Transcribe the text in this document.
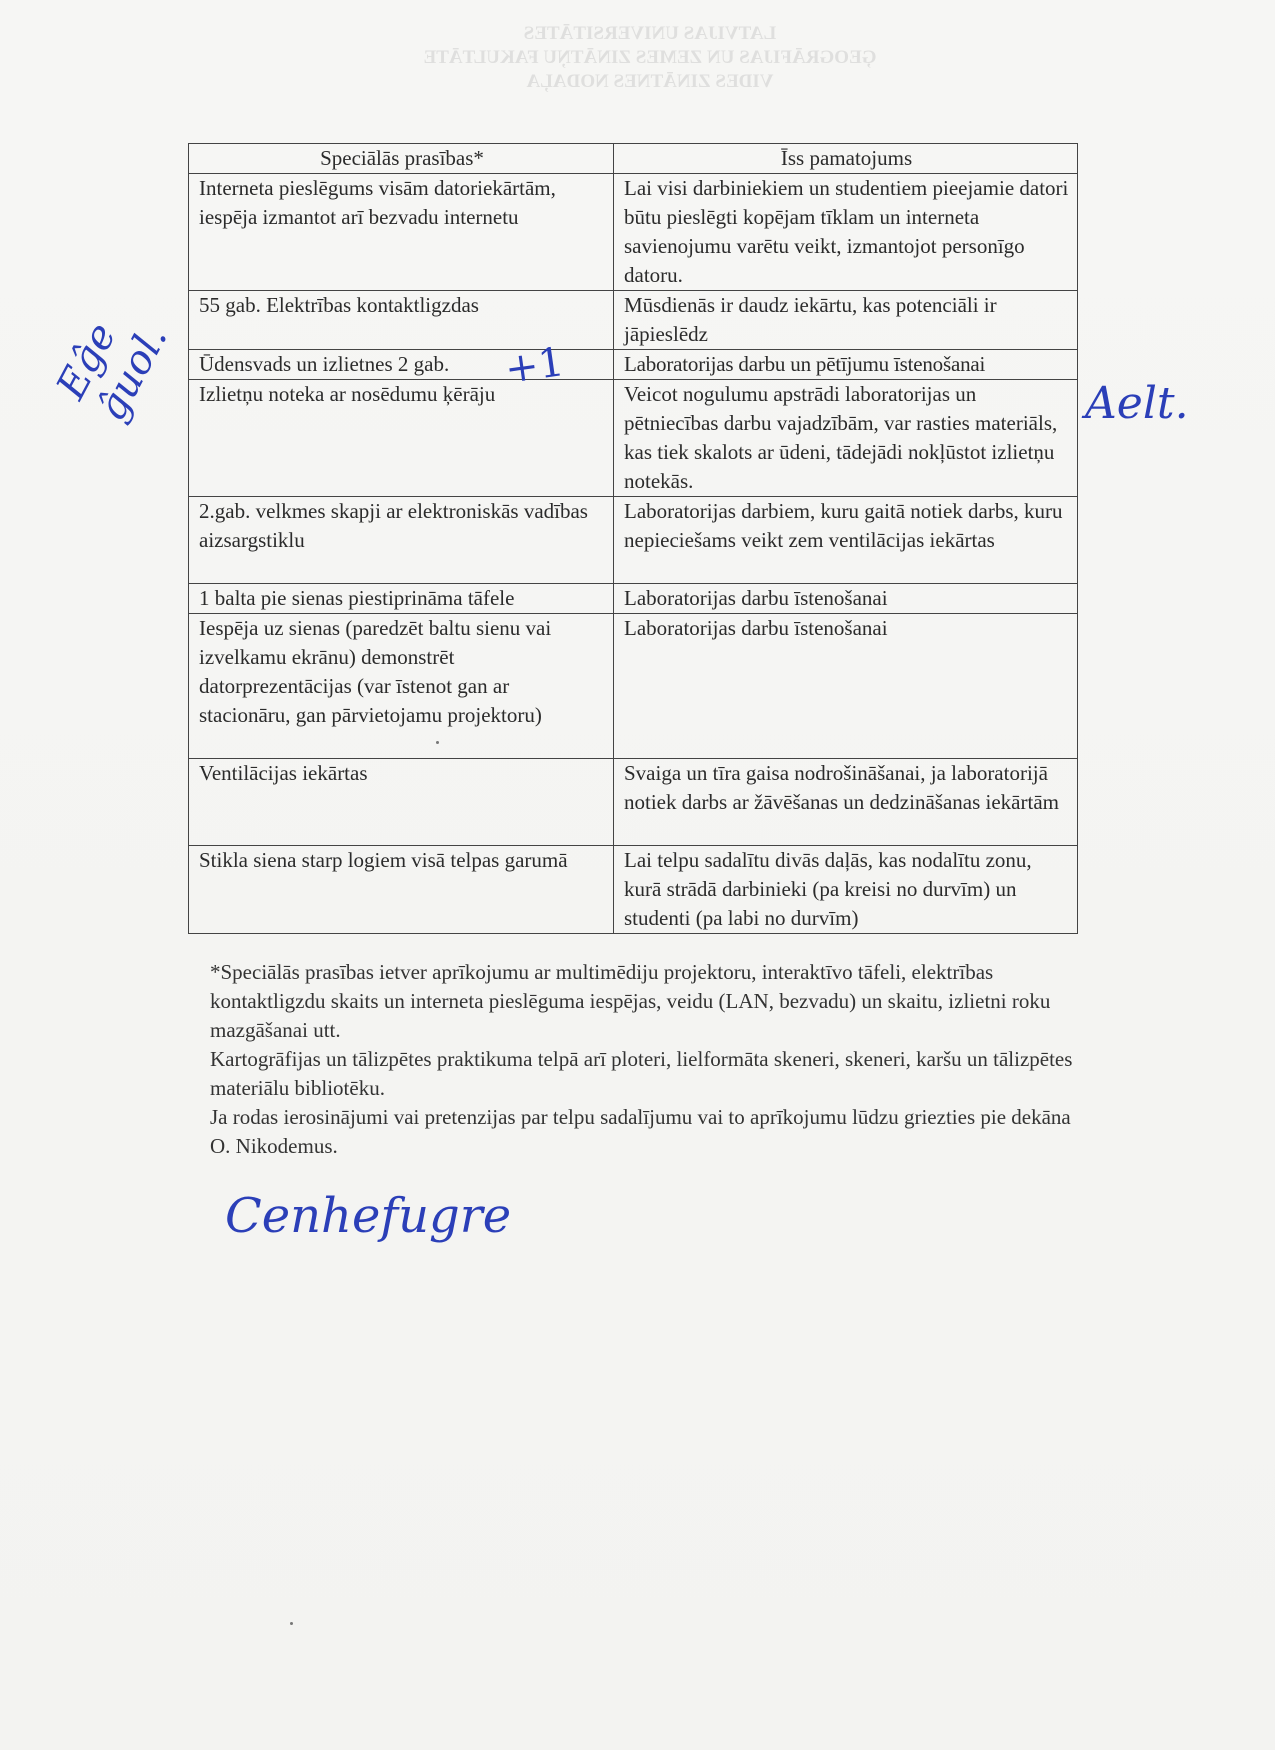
LATVIJAS UNIVERSITĀTES
ĢEOGRĀFIJAS UN ZEMES ZINĀTŅU FAKULTĀTE
VIDES ZINĀTNES NODAĻA
Speciālās prasības*	Īss pamatojums
Interneta pieslēgums visām datoriekārtām, iespēja izmantot arī bezvadu internetu	Lai visi darbiniekiem un studentiem pieejamie datori būtu pieslēgti kopējam tīklam un interneta savienojumu varētu veikt, izmantojot personīgo datoru.
55 gab. Elektrības kontaktligzdas	Mūsdienās ir daudz iekārtu, kas potenciāli ir jāpieslēdz
Ūdensvads un izlietnes 2 gab.	Laboratorijas darbu un pētījumu īstenošanai
Izlietņu noteka ar nosēdumu ķērāju	Veicot nogulumu apstrādi laboratorijas un pētniecības darbu vajadzībām, var rasties materiāls, kas tiek skalots ar ūdeni, tādejādi nokļūstot izlietņu notekās.
2.gab. velkmes skapji ar elektroniskās vadības aizsargstiklu	Laboratorijas darbiem, kuru gaitā notiek darbs, kuru nepieciešams veikt zem ventilācijas iekārtas
1 balta pie sienas piestiprināma tāfele	Laboratorijas darbu īstenošanai
Iespēja uz sienas (paredzēt baltu sienu vai izvelkamu ekrānu) demonstrēt datorprezentācijas (var īstenot gan ar stacionāru, gan pārvietojamu projektoru)	Laboratorijas darbu īstenošanai
Ventilācijas iekārtas	Svaiga un tīra gaisa nodrošināšanai, ja laboratorijā notiek darbs ar žāvēšanas un dedzināšanas iekārtām
Stikla siena starp logiem visā telpas garumā	Lai telpu sadalītu divās daļās, kas nodalītu zonu, kurā strādā darbinieki (pa kreisi no durvīm) un studenti (pa labi no durvīm)

*Speciālās prasības ietver aprīkojumu ar multimēdiju projektoru, interaktīvo tāfeli, elektrības kontaktligzdu skaits un interneta pieslēguma iespējas, veidu (LAN, bezvadu) un skaitu, izlietni roku mazgāšanai utt.

Kartogrāfijas un tālizpētes praktikuma telpā arī ploteri, lielformāta skeneri, skeneri, karšu un tālizpētes materiālu bibliotēku.

Ja rodas ierosinājumi vai pretenzijas par telpu sadalījumu vai to aprīkojumu lūdzu griezties pie dekāna O. Nikodemus.

+1
Eĝe ĝuol.	Aelt.
Cenhefugre
